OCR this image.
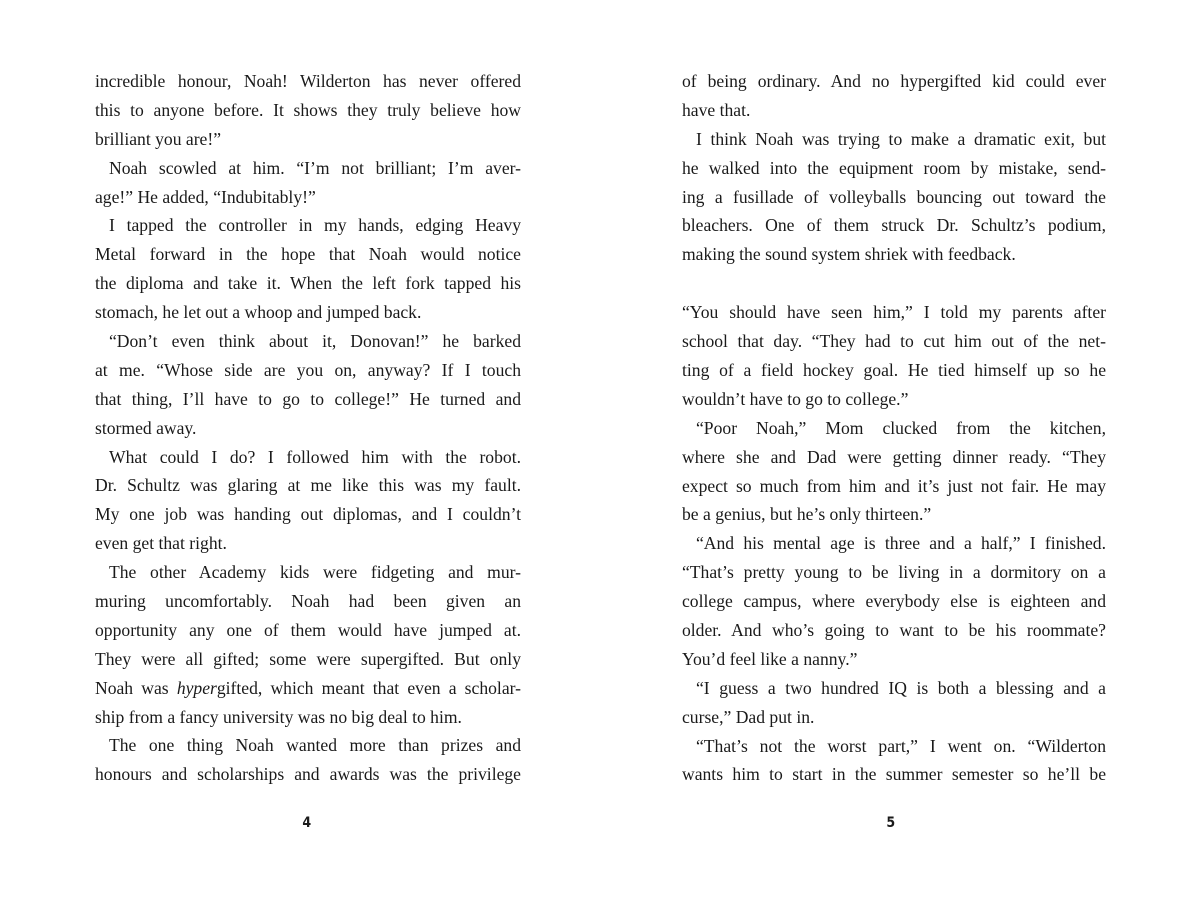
incredible honour, Noah! Wilderton has never offered
this to anyone before. It shows they truly believe how
brilliant you are!”
Noah scowled at him. “I’m not brilliant; I’m aver-
age!” He added, “Indubitably!”
I tapped the controller in my hands, edging Heavy
Metal forward in the hope that Noah would notice
the diploma and take it. When the left fork tapped his
stomach, he let out a whoop and jumped back.
“Don’t even think about it, Donovan!” he barked
at me. “Whose side are you on, anyway? If I touch
that thing, I’ll have to go to college!” He turned and
stormed away.
What could I do? I followed him with the robot.
Dr. Schultz was glaring at me like this was my fault.
My one job was handing out diplomas, and I couldn’t
even get that right.
The other Academy kids were fidgeting and mur-
muring uncomfortably. Noah had been given an
opportunity any one of them would have jumped at.
They were all gifted; some were supergifted. But only
Noah was hypergifted, which meant that even a scholar-
ship from a fancy university was no big deal to him.
The one thing Noah wanted more than prizes and
honours and scholarships and awards was the privilege
4
of being ordinary. And no hypergifted kid could ever
have that.
I think Noah was trying to make a dramatic exit, but
he walked into the equipment room by mistake, send-
ing a fusillade of volleyballs bouncing out toward the
bleachers. One of them struck Dr. Schultz’s podium,
making the sound system shriek with feedback.
“You should have seen him,” I told my parents after
school that day. “They had to cut him out of the net-
ting of a field hockey goal. He tied himself up so he
wouldn’t have to go to college.”
“Poor Noah,” Mom clucked from the kitchen,
where she and Dad were getting dinner ready. “They
expect so much from him and it’s just not fair. He may
be a genius, but he’s only thirteen.”
“And his mental age is three and a half,” I finished.
“That’s pretty young to be living in a dormitory on a
college campus, where everybody else is eighteen and
older. And who’s going to want to be his roommate?
You’d feel like a nanny.”
“I guess a two hundred IQ is both a blessing and a
curse,” Dad put in.
“That’s not the worst part,” I went on. “Wilderton
wants him to start in the summer semester so he’ll be
5
